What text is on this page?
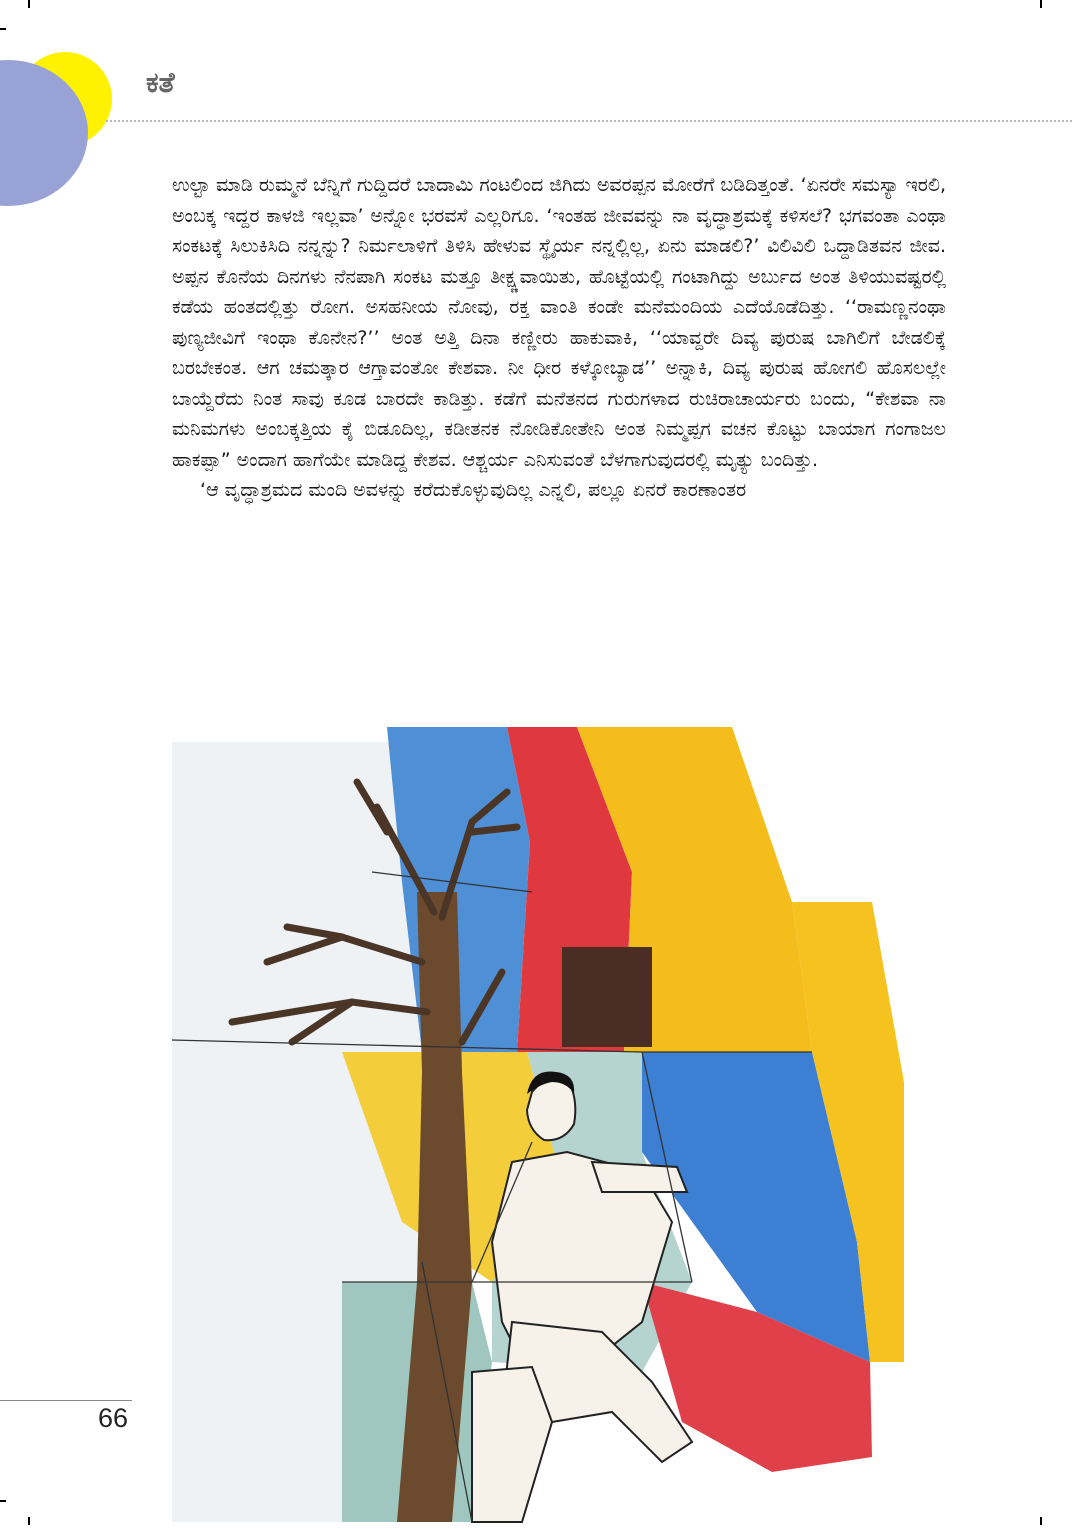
ಕತೆ

ಉಲ್ಟಾ ಮಾಡಿ ರುಮ್ಮನೆ ಬೆನ್ನಿಗೆ ಗುದ್ದಿದರೆ ಬಾದಾಮಿ ಗಂಟಲಿಂದ ಜಿಗಿದು ಅವರಪ್ಪನ ಮೋರೆಗೆ ಬಡಿದಿತ್ತಂತೆ. ‘ಏನರೇ ಸಮಸ್ಯಾ ಇರಲಿ, ಅಂಬಕ್ಕ ಇದ್ದರ ಕಾಳಜಿ ಇಲ್ಲವಾ’ ಅನ್ನೋ ಭರವಸೆ ಎಲ್ಲರಿಗೂ. ‘ಇಂತಹ ಜೀವವನ್ನು ನಾ ವೃದ್ಧಾಶ್ರಮಕ್ಕೆ ಕಳಿಸಲೆ? ಭಗವಂತಾ ಎಂಥಾ ಸಂಕಟಕ್ಕೆ ಸಿಲುಕಿಸಿದಿ ನನ್ನನ್ನು? ನಿರ್ಮಲಾಳಿಗೆ ತಿಳಿಸಿ ಹೇಳುವ ಸ್ಥೈರ್ಯ ನನ್ನಲ್ಲಿಲ್ಲ, ಏನು ಮಾಡಲಿ?’ ವಿಲಿವಿಲಿ ಒದ್ದಾಡಿತವನ ಜೀವ. ಅಪ್ಪನ ಕೊನೆಯ ದಿನಗಳು ನೆನಪಾಗಿ ಸಂಕಟ ಮತ್ತೂ ತೀಕ್ಷ್ಣವಾಯಿತು, ಹೊಟ್ಟೆಯಲ್ಲಿ ಗಂಟಾಗಿದ್ದು ಅರ್ಬುದ ಅಂತ ತಿಳಿಯುವಷ್ಟರಲ್ಲಿ ಕಡೆಯ ಹಂತದಲ್ಲಿತ್ತು ರೋಗ. ಅಸಹನೀಯ ನೋವು, ರಕ್ತ ವಾಂತಿ ಕಂಡೇ ಮನೆಮಂದಿಯ ಎದೆಯೊಡೆದಿತ್ತು. ‘‘ರಾಮಣ್ಣನಂಥಾ ಪುಣ್ಯಜೀವಿಗೆ ಇಂಥಾ ಕೊನೇನ?’’ ಅಂತ ಅತ್ತಿ ದಿನಾ ಕಣ್ಣೀರು ಹಾಕುವಾಕಿ, ‘‘ಯಾವ್ದರೇ ದಿವ್ಯ ಪುರುಷ ಬಾಗಿಲಿಗೆ ಬೇಡಲಿಕ್ಕೆ ಬರಬೇಕಂತ. ಆಗ ಚಮತ್ಕಾರ ಆಗ್ತಾವಂತೋ ಕೇಶವಾ. ನೀ ಧೀರ ಕಳ್ಕೋಬ್ಯಾಡ’’ ಅನ್ನಾಕಿ, ದಿವ್ಯ ಪುರುಷ ಹೋಗಲಿ ಹೊಸಲಲ್ಲೇ ಬಾಯ್ದೆರೆದು ನಿಂತ ಸಾವು ಕೂಡ ಬಾರದೇ ಕಾಡಿತ್ತು. ಕಡೆಗೆ ಮನೆತನದ ಗುರುಗಳಾದ ರುಚಿರಾಚಾರ್ಯರು ಬಂದು, “ಕೇಶವಾ ನಾ ಮನಿಮಗಳು ಅಂಬಕ್ಕತ್ತಿಯ ಕೈ ಬಿಡೂದಿಲ್ಲ, ಕಡೀತನಕ ನೋಡಿಕೋತೇನಿ ಅಂತ ನಿಮ್ಮಪ್ಪಗ ವಚನ ಕೊಟ್ಟು ಬಾಯಾಗ ಗಂಗಾಜಲ ಹಾಕಪ್ಪಾ” ಅಂದಾಗ ಹಾಗೆಯೇ ಮಾಡಿದ್ದ ಕೇಶವ. ಆಶ್ಚರ್ಯ ಎನಿಸುವಂತೆ ಬೆಳಗಾಗುವುದರಲ್ಲಿ ಮೃತ್ಯು ಬಂದಿತ್ತು.

‘ಆ ವೃದ್ಧಾಶ್ರಮದ ಮಂದಿ ಅವಳನ್ನು ಕರೆದುಕೊಳ್ಳುವುದಿಲ್ಲ ಎನ್ನಲಿ, ಪಲ್ಲೂ ಏನರೆ ಕಾರಣಾಂತರ

66
